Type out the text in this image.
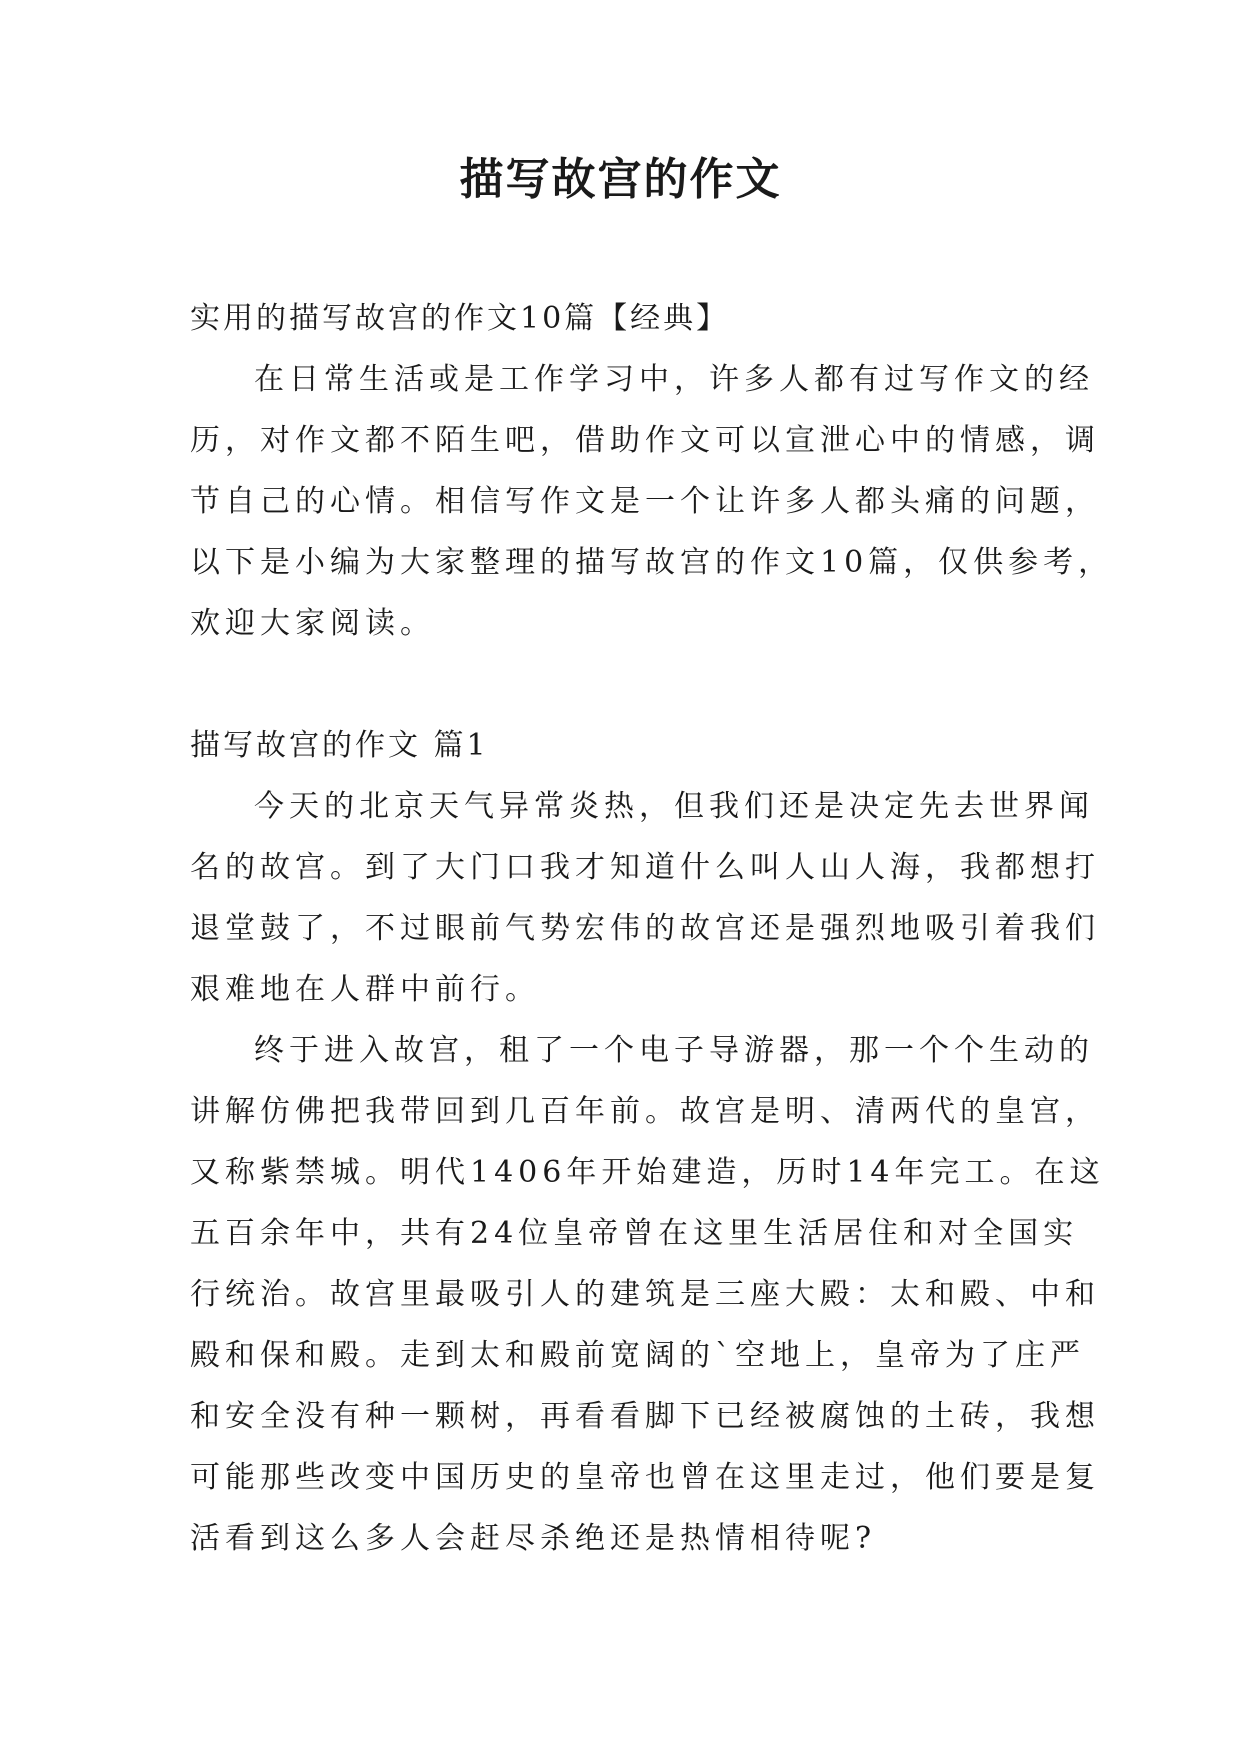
描写故宫的作文
实用的描写故宫的作文10篇【经典】
在日常生活或是工作学习中，许多人都有过写作文的经
历，对作文都不陌生吧，借助作文可以宣泄心中的情感，调
节自己的心情。相信写作文是一个让许多人都头痛的问题，
以下是小编为大家整理的描写故宫的作文10篇，仅供参考，
欢迎大家阅读。
描写故宫的作文 篇1
今天的北京天气异常炎热，但我们还是决定先去世界闻
名的故宫。到了大门口我才知道什么叫人山人海，我都想打
退堂鼓了，不过眼前气势宏伟的故宫还是强烈地吸引着我们
艰难地在人群中前行。
终于进入故宫，租了一个电子导游器，那一个个生动的
讲解仿佛把我带回到几百年前。故宫是明、清两代的皇宫，
又称紫禁城。明代1406年开始建造，历时14年完工。在这
五百余年中，共有24位皇帝曾在这里生活居住和对全国实
行统治。故宫里最吸引人的建筑是三座大殿：太和殿、中和
殿和保和殿。走到太和殿前宽阔的`空地上，皇帝为了庄严
和安全没有种一颗树，再看看脚下已经被腐蚀的土砖，我想
可能那些改变中国历史的皇帝也曾在这里走过，他们要是复
活看到这么多人会赶尽杀绝还是热情相待呢?
